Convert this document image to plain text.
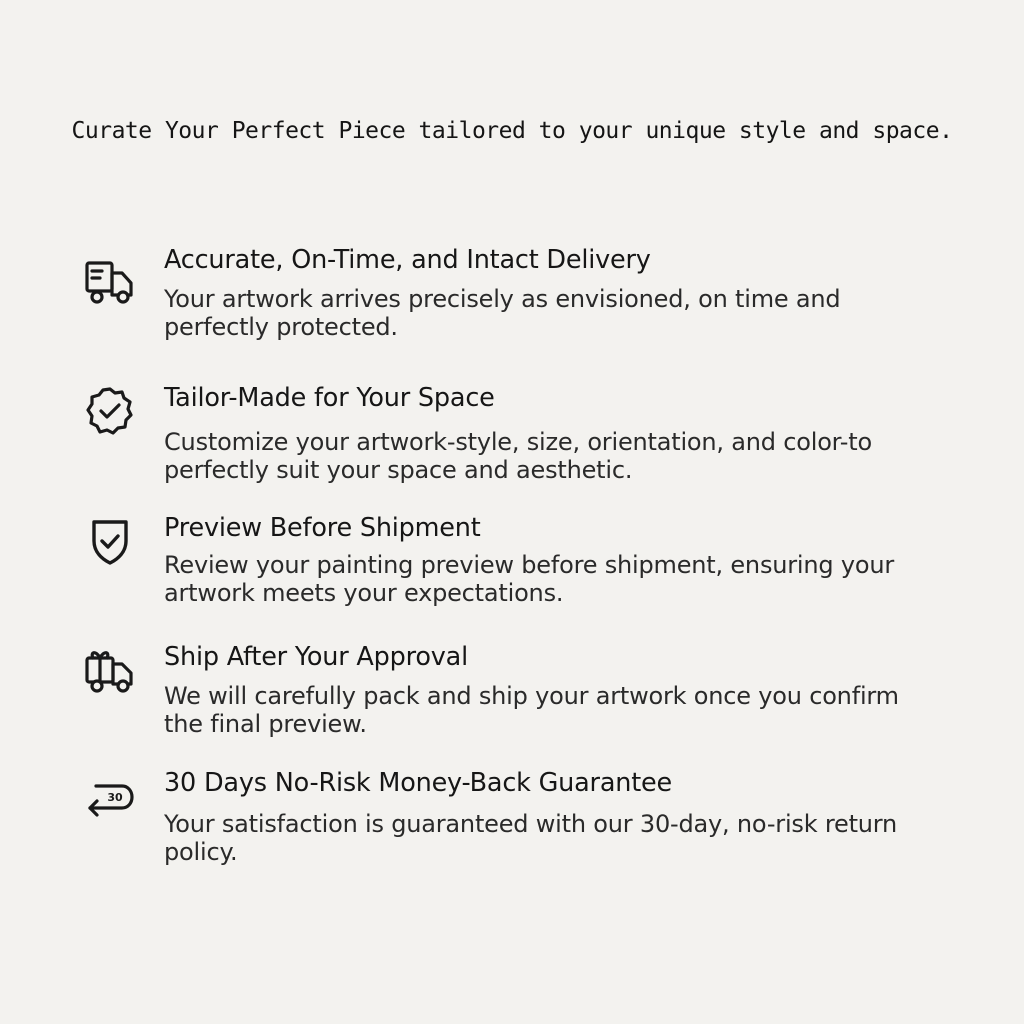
Curate Your Perfect Piece tailored to your unique style and space.
Accurate, On-Time, and Intact Delivery
Your artwork arrives precisely as envisioned, on time and perfectly protected.
Tailor-Made for Your Space
Customize your artwork-style, size, orientation, and color-to perfectly suit your space and aesthetic.
Preview Before Shipment
Review your painting preview before shipment, ensuring your artwork meets your expectations.
Ship After Your Approval
We will carefully pack and ship your artwork once you confirm the final preview.
30 30 Days No-Risk Money-Back Guarantee
Your satisfaction is guaranteed with our 30-day, no-risk return policy.
